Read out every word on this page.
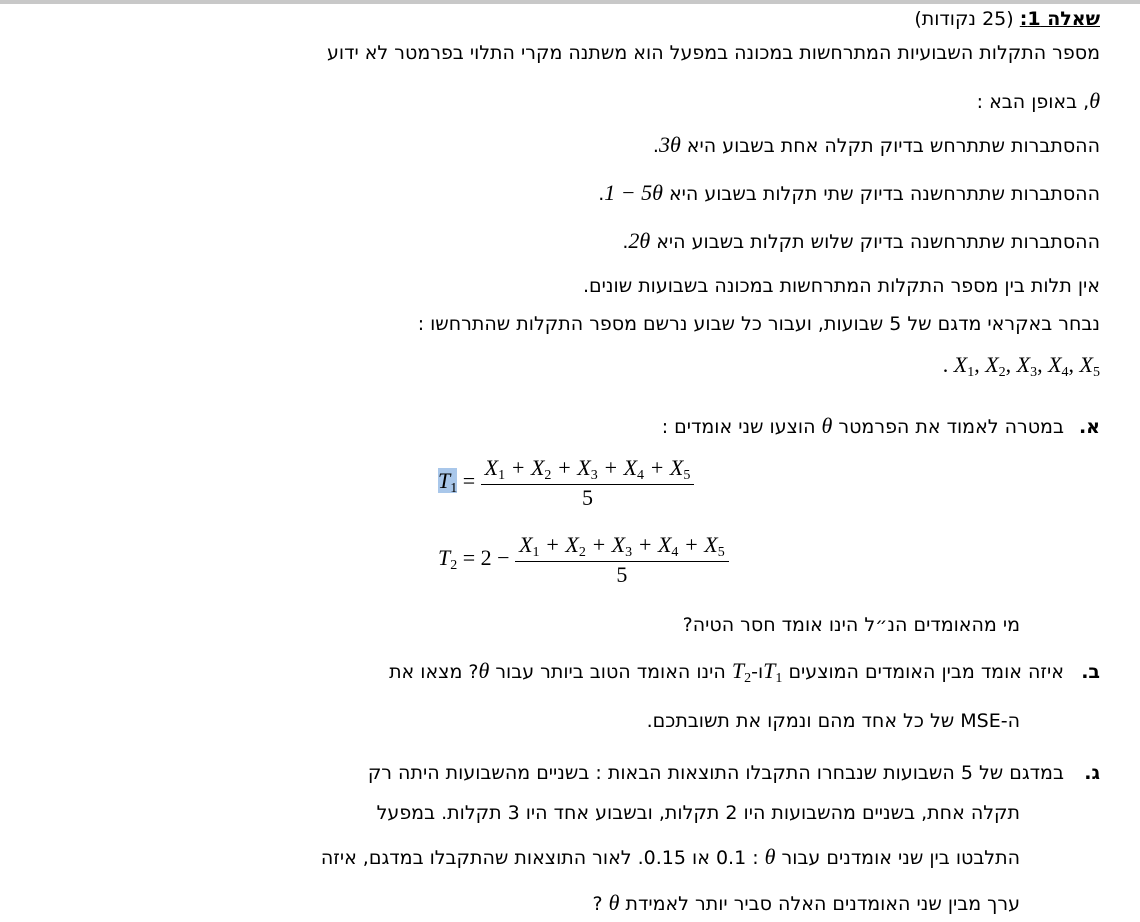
שאלה 1: (25 נקודות)
מספר התקלות השבועיות המתרחשות במכונה במפעל הוא משתנה מקרי התלוי בפרמטר לא ידוע
θ, באופן הבא :
ההסתברות שתתרחש בדיוק תקלה אחת בשבוע היא 3θ.
ההסתברות שתתרחשנה בדיוק שתי תקלות בשבוע היא 1 − 5θ.
ההסתברות שתתרחשנה בדיוק שלוש תקלות בשבוע היא 2θ.
אין תלות בין מספר התקלות המתרחשות במכונה בשבועות שונים.
נבחר באקראי מדגם של 5 שבועות, ועבור כל שבוע נרשם מספר התקלות שהתרחשו :
. $X_1$, $X_2$, $X_3$, $X_4$, $X_5$
א. במטרה לאמוד את הפרמטר θ הוצעו שני אומדים :
$T_1 = \frac{X_1 + X_2 + X_3 + X_4 + X_5}{5}$
$T_2 = 2 - \frac{X_1 + X_2 + X_3 + X_4 + X_5}{5}$
מי מהאומדים הנ״ל הינו אומד חסר הטיה?
ב. איזה אומד מבין האומדים המוצעים $T_1ו-T_2$ הינו האומד הטוב ביותר עבור θ? מצאו את
ה-MSE של כל אחד מהם ונמקו את תשובתכם.
ג. במדגם של 5 השבועות שנבחרו התקבלו התוצאות הבאות : בשניים מהשבועות היתה רק
תקלה אחת, בשניים מהשבועות היו 2 תקלות, ובשבוע אחד היו 3 תקלות. במפעל
התלבטו בין שני אומדנים עבור θ : 0.1 או 0.15. לאור התוצאות שהתקבלו במדגם, איזה
ערך מבין שני האומדנים האלה סביר יותר לאמידת θ ?
